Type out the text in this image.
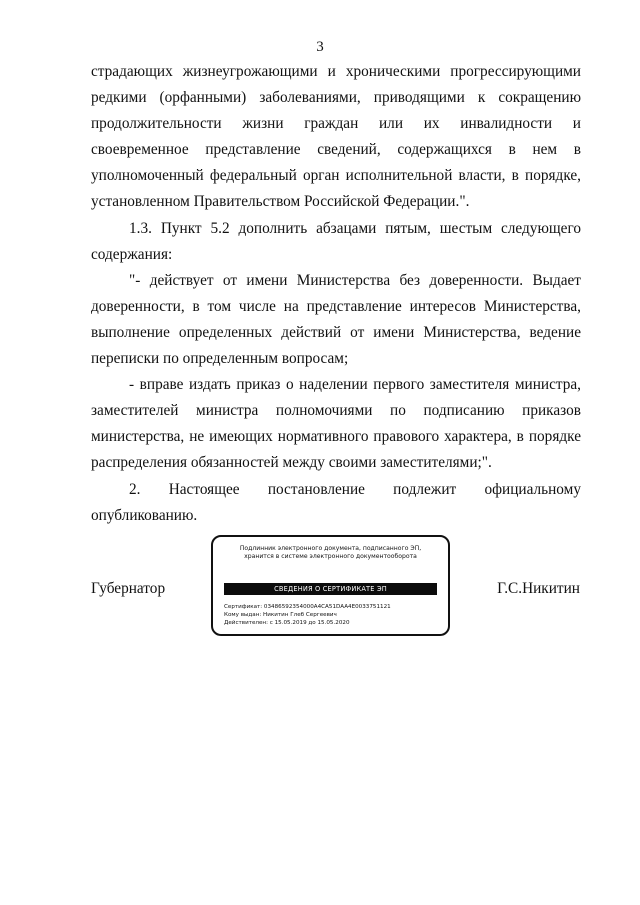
3

страдающих жизнеугрожающими и хроническими прогрессирующими редкими (орфанными) заболеваниями, приводящими к сокращению продолжительности жизни граждан или их инвалидности и своевременное представление сведений, содержащихся в нем в уполномоченный федеральный орган исполнительной власти, в порядке, установленном Правительством Российской Федерации.".

1.3. Пункт 5.2 дополнить абзацами пятым, шестым следующего содержания:

"- действует от имени Министерства без доверенности. Выдает доверенности, в том числе на представление интересов Министерства, выполнение определенных действий от имени Министерства, ведение переписки по определенным вопросам;

- вправе издать приказ о наделении первого заместителя министра, заместителей министра полномочиями по подписанию приказов министерства, не имеющих нормативного правового характера, в порядке распределения обязанностей между своими заместителями;".

2. Настоящее постановление подлежит официальному опубликованию.

Губернатор	Г.С.Никитин
Подлинник электронного документа, подписанного ЭП,
хранится в системе электронного документооборота
СВЕДЕНИЯ О СЕРТИФИКАТЕ ЭП
Сертификат: 03486592354000A4CA51DAA4E0033751121
Кому выдан: Никитин Глеб Сергеевич
Действителен: с 15.05.2019 до 15.05.2020
